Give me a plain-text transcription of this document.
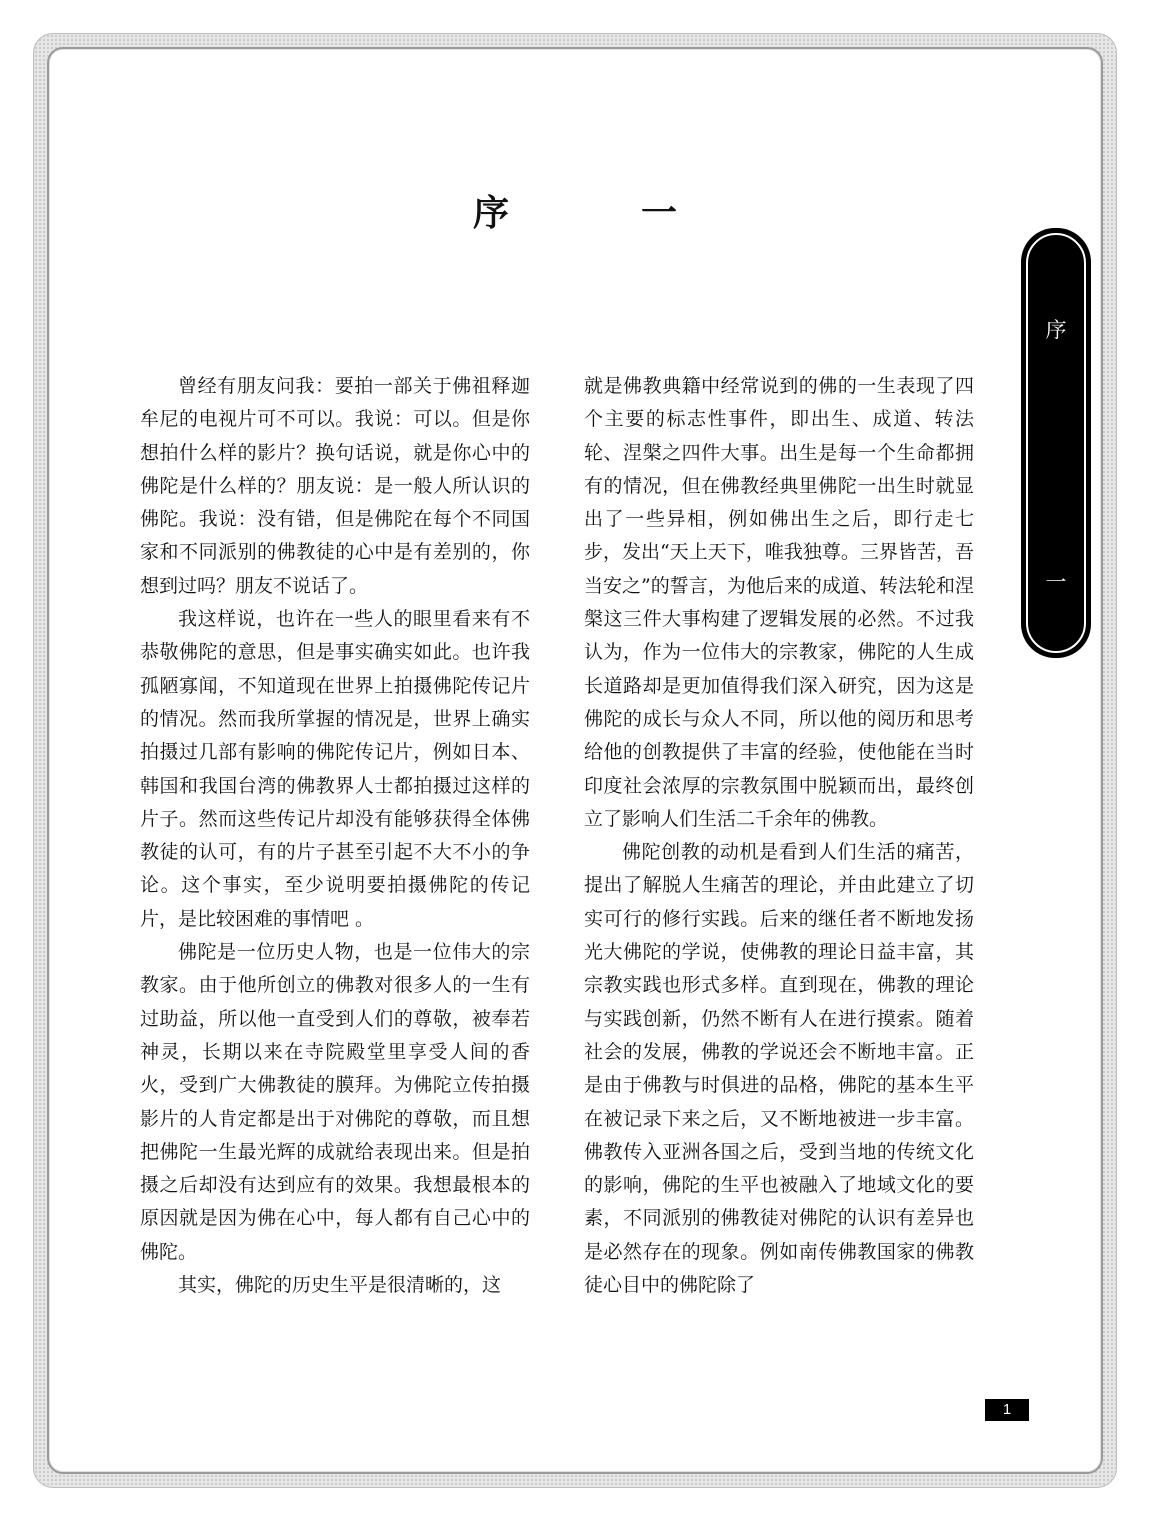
序　一
序
一

曾经有朋友问我：要拍一部关于佛祖释迦牟尼的电视片可不可以。我说：可以。但是你想拍什么样的影片？换句话说，就是你心中的佛陀是什么样的？朋友说：是一般人所认识的佛陀。我说：没有错，但是佛陀在每个不同国家和不同派别的佛教徒的心中是有差别的，你想到过吗？朋友不说话了。

我这样说，也许在一些人的眼里看来有不恭敬佛陀的意思，但是事实确实如此。也许我孤陋寡闻，不知道现在世界上拍摄佛陀传记片的情况。然而我所掌握的情况是，世界上确实拍摄过几部有影响的佛陀传记片，例如日本、韩国和我国台湾的佛教界人士都拍摄过这样的片子。然而这些传记片却没有能够获得全体佛教徒的认可，有的片子甚至引起不大不小的争论。这个事实，至少说明要拍摄佛陀的传记片，是比较困难的事情吧 。

佛陀是一位历史人物，也是一位伟大的宗教家。由于他所创立的佛教对很多人的一生有过助益，所以他一直受到人们的尊敬，被奉若神灵，长期以来在寺院殿堂里享受人间的香火，受到广大佛教徒的膜拜。为佛陀立传拍摄影片的人肯定都是出于对佛陀的尊敬，而且想把佛陀一生最光辉的成就给表现出来。但是拍摄之后却没有达到应有的效果。我想最根本的原因就是因为佛在心中，每人都有自己心中的佛陀。

其实，佛陀的历史生平是很清晰的，这

就是佛教典籍中经常说到的佛的一生表现了四个主要的标志性事件，即出生、成道、转法轮、涅槃之四件大事。出生是每一个生命都拥有的情况，但在佛教经典里佛陀一出生时就显出了一些异相，例如佛出生之后，即行走七步，发出“天上天下，唯我独尊。三界皆苦，吾当安之”的誓言，为他后来的成道、转法轮和涅槃这三件大事构建了逻辑发展的必然。不过我认为，作为一位伟大的宗教家，佛陀的人生成长道路却是更加值得我们深入研究，因为这是佛陀的成长与众人不同，所以他的阅历和思考给他的创教提供了丰富的经验，使他能在当时印度社会浓厚的宗教氛围中脱颖而出，最终创立了影响人们生活二千余年的佛教。

佛陀创教的动机是看到人们生活的痛苦，提出了解脱人生痛苦的理论，并由此建立了切实可行的修行实践。后来的继任者不断地发扬光大佛陀的学说，使佛教的理论日益丰富，其宗教实践也形式多样。直到现在，佛教的理论与实践创新，仍然不断有人在进行摸索。随着社会的发展，佛教的学说还会不断地丰富。正是由于佛教与时俱进的品格，佛陀的基本生平在被记录下来之后，又不断地被进一步丰富。佛教传入亚洲各国之后，受到当地的传统文化的影响，佛陀的生平也被融入了地域文化的要素，不同派别的佛教徒对佛陀的认识有差异也是必然存在的现象。例如南传佛教国家的佛教徒心目中的佛陀除了

1
